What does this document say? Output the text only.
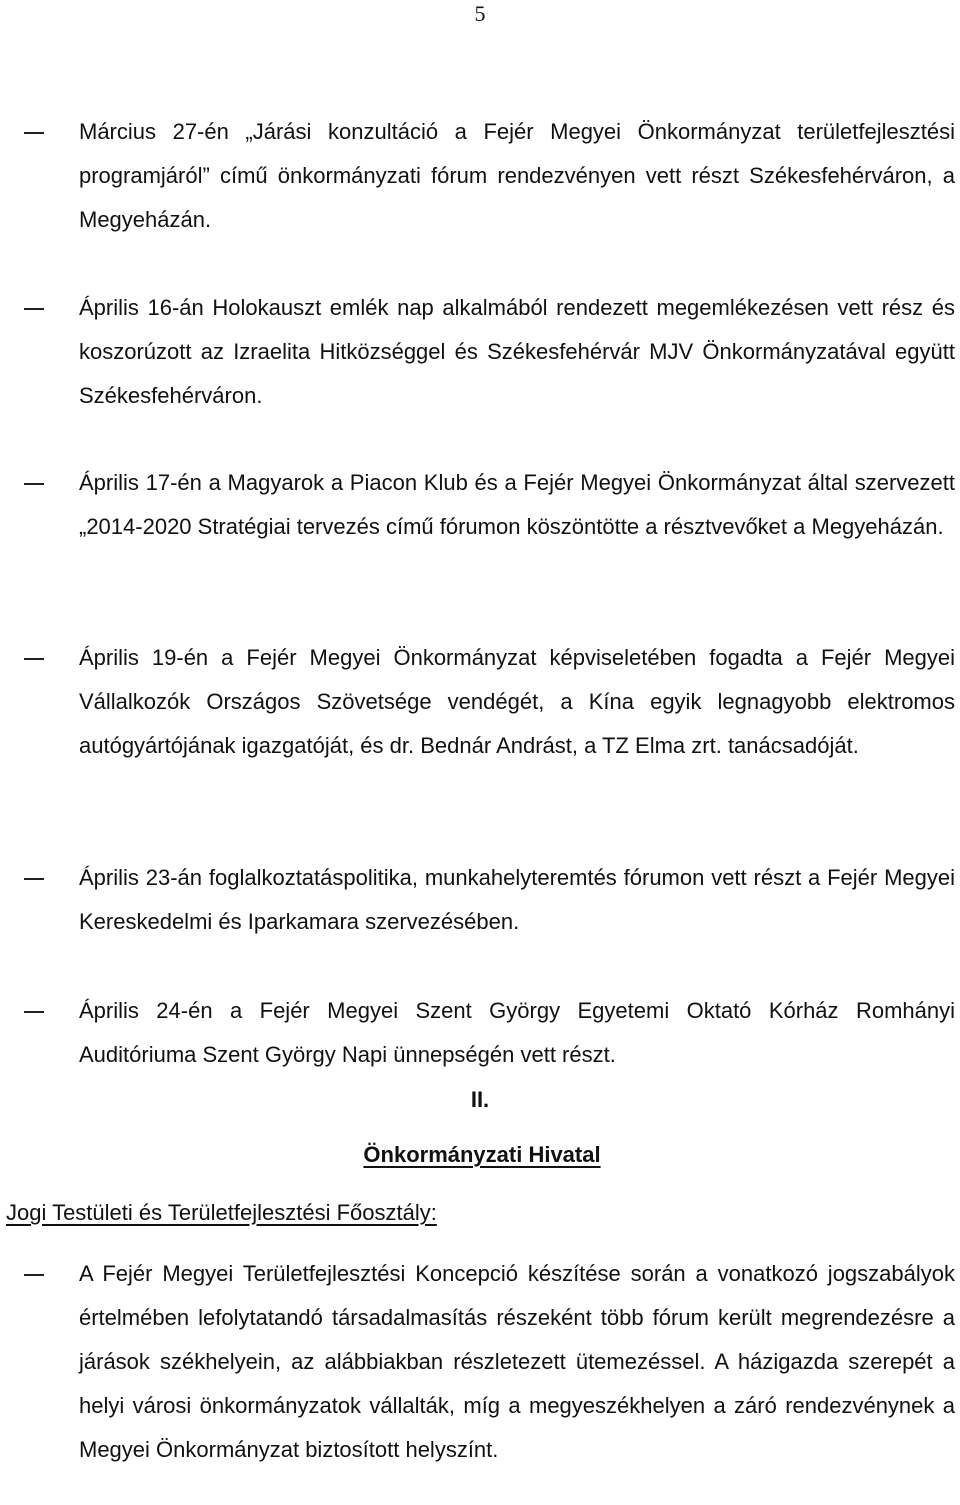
5

Március 27-én „Járási konzultáció a Fejér Megyei Önkormányzat területfejlesztési programjáról” című önkormányzati fórum rendezvényen vett részt Székesfehérváron, a Megyeházán.

Április 16-án Holokauszt emlék nap alkalmából rendezett megemlékezésen vett rész és koszorúzott az Izraelita Hitközséggel és Székesfehérvár MJV Önkormányzatával együtt Székesfehérváron.

Április 17-én a Magyarok a Piacon Klub és a Fejér Megyei Önkormányzat által szervezett „2014-2020 Stratégiai tervezés című fórumon köszöntötte a résztvevőket a Megyeházán.

Április 19-én a Fejér Megyei Önkormányzat képviseletében fogadta a Fejér Megyei Vállalkozók Országos Szövetsége vendégét, a Kína egyik legnagyobb elektromos autógyártójának igazgatóját, és dr. Bednár Andrást, a TZ Elma zrt. tanácsadóját.

Április 23-án foglalkoztatáspolitika, munkahelyteremtés fórumon vett részt a Fejér Megyei Kereskedelmi és Iparkamara szervezésében.

Április 24-én a Fejér Megyei Szent György Egyetemi Oktató Kórház Romhányi Auditóriuma Szent György Napi ünnepségén vett részt.

II.
Önkormányzati Hivatal
Jogi Testületi és Területfejlesztési Főosztály:

A Fejér Megyei Területfejlesztési Koncepció készítése során a vonatkozó jogszabályok értelmében lefolytatandó társadalmasítás részeként több fórum került megrendezésre a járások székhelyein, az alábbiakban részletezett ütemezéssel. A házigazda szerepét a helyi városi önkormányzatok vállalták, míg a megyeszékhelyen a záró rendezvénynek a Megyei Önkormányzat biztosított helyszínt.
